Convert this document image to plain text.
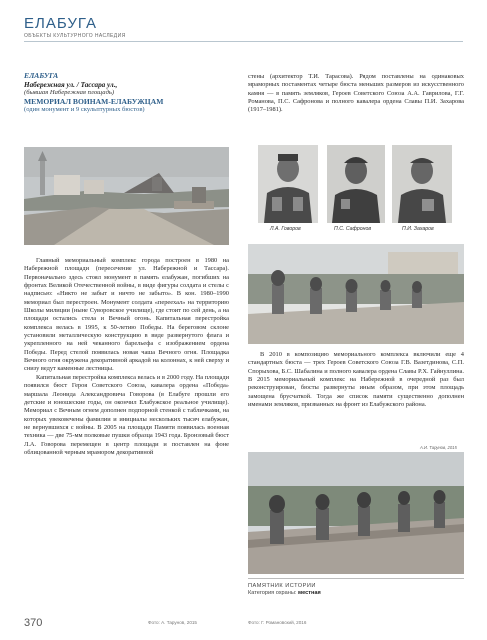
ЕЛАБУГА
ОБЪЕКТЫ КУЛЬТУРНОГО НАСЛЕДИЯ
ЕЛАБУГА
Набережная ул. / Тассара ул.,
(бывшая Набережная площадь)
МЕМОРИАЛ ВОИНАМ-ЕЛАБУЖЦАМ
(один монумент и 9 скульптурных бюстов)

Главный мемориальный комплекс города построен в 1980 на Набережной площади (пересечение ул. Набережной и Тассара). Первоначально здесь стоял монумент в память елабужан, погибших на фронтах Великой Отечественной войны, в виде фигуры солдата и стелы с надписью: «Никто не забыт и ничто не забыто». В кон. 1980–1990 мемориал был перестроен. Монумент солдата «переехал» на территорию Школы милиции (ныне Суворовское училище), где стоит по сей день, а на площади остались стела и Вечный огонь. Капитальная перестройка комплекса велась в 1995, к 50-летию Победы. На береговом склоне установили металлическую конструкцию в виде развернутого флага и укрепленного на ней чеканного барельефа с изображением ордена Победы. Перед стелой появилась новая чаша Вечного огня. Площадка Вечного огня окружена декоративной аркадой на колоннах, к ней сверху и снизу ведут каменные лестницы.

Капитальная перестройка комплекса велась и в 2000 году. На площади появился бюст Героя Советского Союза, кавалера ордена «Победа» маршала Леонида Александровича Говорова (в Елабуге прошли его детские и юношеские годы, он окончил Елабужское реальное училище). Мемориал с Вечным огнем дополнен подпорной стенкой с табличками, на которых увековечены фамилии и инициалы нескольких тысяч елабужан, не вернувшихся с войны. В 2005 на площади Памяти появилась военная техника — две 75-мм полковые пушки образца 1943 года. Бронзовый бюст Л.А. Говорова перемещен в центр площади и поставлен на фоне облицованной черным мрамором декоративной

стены (архитектор Т.И. Тарасова). Рядом поставлены на одинаковых мраморных постаментах четыре бюста меньших размеров из искусственного камня — в память земляков, Героев Советского Союза А.А. Гаврилова, Г.Г. Романова, П.С. Сафронова и полного кавалера ордена Славы П.И. Захарова (1917–1981).

Л.А. Говоров	П.С. Сафронов	П.И. Захаров

В 2010 в композицию мемориального комплекса включили еще 4 стандартных бюста — трех Героев Советского Союза Г.В. Вазетдинова, С.П. Спорыхова, Б.С. Шабалина и полного кавалера ордена Славы Р.Х. Гайнуллина. В 2015 мемориальный комплекс на Набережной в очередной раз был реконструирован, бюсты развернуты иным образом, при этом площадь замощена брусчаткой. Тогда же список памяти существенно дополнен именами земляков, призванных на фронт из Елабужского района.

А.И. Тарунов, 2015
ПАМЯТНИК ИСТОРИИ
Категория охраны: местная
370	Фото: А. Тарунов, 2015	Фото: Г. Романовский, 2016
